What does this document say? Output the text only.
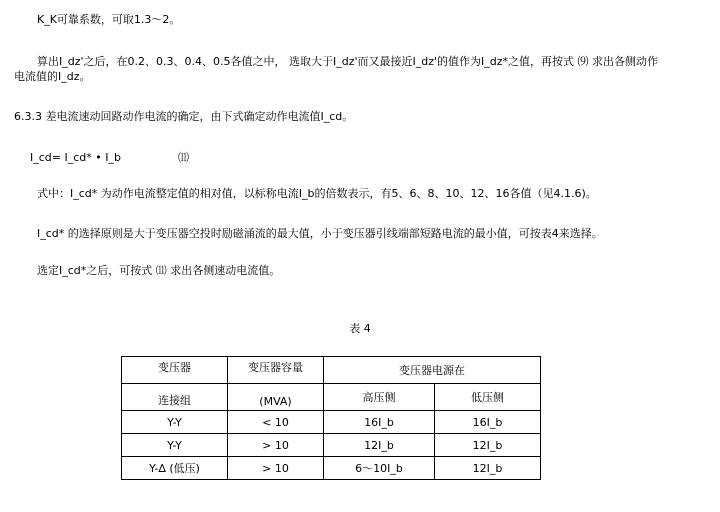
K_K可靠系数，可取1.3～2。
算出I_dz'之后，在0.2、0.3、0.4、0.5各值之中， 选取大于I_dz'而又最接近I_dz'的值作为I_dz*之值，再按式 ⑼ 求出各侧动作
电流值的I_dz。
6.3.3 差电流速动回路动作电流的确定，由下式确定动作电流值I_cd。
I_cd= I_cd* • I_b	⑾
式中：I_cd* 为动作电流整定值的相对值，以标称电流I_b的倍数表示，有5、6、8、10、12、16各值（见4.1.6)。
I_cd* 的选择原则是大于变压器空投时励磁涌流的最大值，小于变压器引线端部短路电流的最小值，可按表4来选择。
选定I_cd*之后，可按式 ⑾ 求出各侧速动电流值。
表 4
变压器	变压器容量	变压器电源在	
连接组	(MVA)	高压侧	低压侧
Y-Y	< 10	16I_b	16I_b
Y-Y	> 10	12I_b	12I_b
Y-∆ (低压)	> 10	6～10I_b	12I_b
